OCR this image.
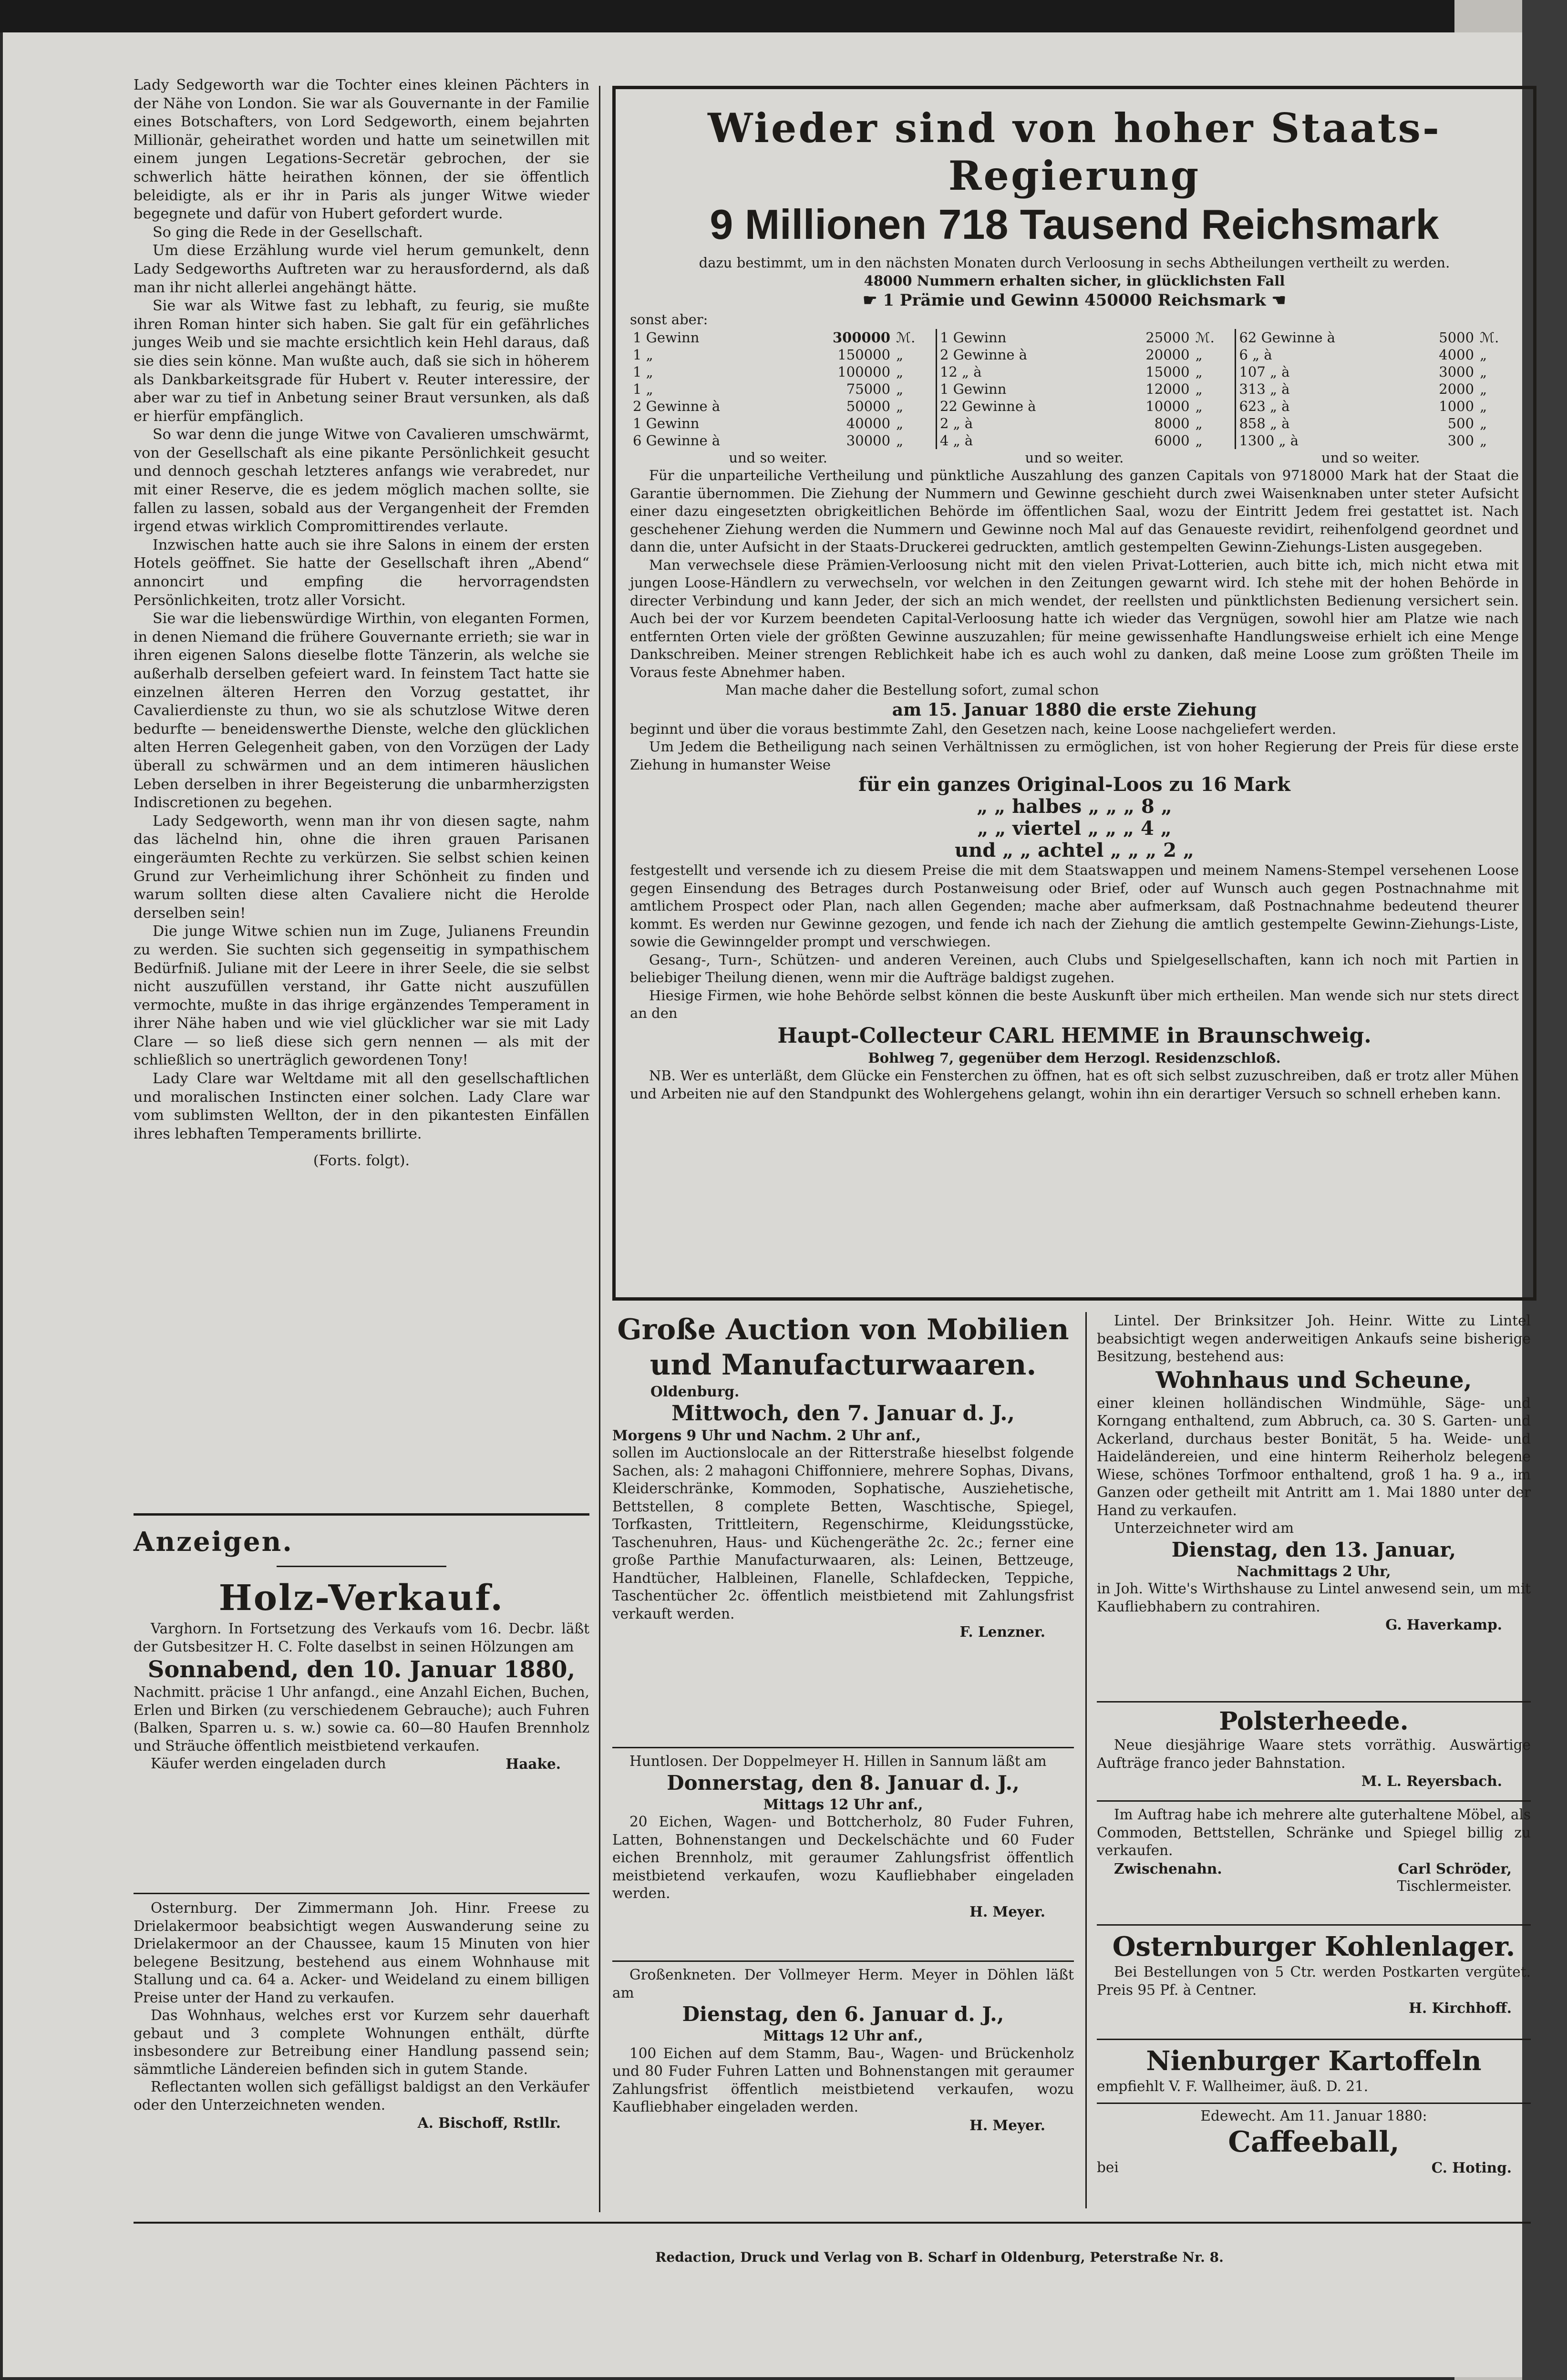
Lady Sedgeworth war die Tochter eines kleinen Pächters in der Nähe von London. Sie war als Gouvernante in der Familie eines Botschafters, von Lord Sedgeworth, einem bejahrten Millionär, geheirathet worden und hatte um seinetwillen mit einem jungen Legations-Secretär gebrochen, der sie schwerlich hätte heirathen können, der sie öffentlich beleidigte, als er ihr in Paris als junger Witwe wieder begegnete und dafür von Hubert gefordert wurde.

So ging die Rede in der Gesellschaft.

Um diese Erzählung wurde viel herum gemunkelt, denn Lady Sedgeworths Auftreten war zu herausfordernd, als daß man ihr nicht allerlei angehängt hätte.

Sie war als Witwe fast zu lebhaft, zu feurig, sie mußte ihren Roman hinter sich haben. Sie galt für ein gefährliches junges Weib und sie machte ersichtlich kein Hehl daraus, daß sie dies sein könne. Man wußte auch, daß sie sich in höherem als Dankbarkeitsgrade für Hubert v. Reuter interessire, der aber war zu tief in Anbetung seiner Braut versunken, als daß er hierfür empfänglich.

So war denn die junge Witwe von Cavalieren umschwärmt, von der Gesellschaft als eine pikante Persönlichkeit gesucht und dennoch geschah letzteres anfangs wie verabredet, nur mit einer Reserve, die es jedem möglich machen sollte, sie fallen zu lassen, sobald aus der Vergangenheit der Fremden irgend etwas wirklich Compromittirendes verlaute.

Inzwischen hatte auch sie ihre Salons in einem der ersten Hotels geöffnet. Sie hatte der Gesellschaft ihren „Abend“ annoncirt und empfing die hervorragendsten Persönlichkeiten, trotz aller Vorsicht.

Sie war die liebenswürdige Wirthin, von eleganten Formen, in denen Niemand die frühere Gouvernante errieth; sie war in ihren eigenen Salons dieselbe flotte Tänzerin, als welche sie außerhalb derselben gefeiert ward. In feinstem Tact hatte sie einzelnen älteren Herren den Vorzug gestattet, ihr Cavalierdienste zu thun, wo sie als schutzlose Witwe deren bedurfte — beneidenswerthe Dienste, welche den glücklichen alten Herren Gelegenheit gaben, von den Vorzügen der Lady überall zu schwärmen und an dem intimeren häuslichen Leben derselben in ihrer Begeisterung die unbarmherzigsten Indiscretionen zu begehen.

Lady Sedgeworth, wenn man ihr von diesen sagte, nahm das lächelnd hin, ohne die ihren grauen Parisanen eingeräumten Rechte zu verkürzen. Sie selbst schien keinen Grund zur Verheimlichung ihrer Schönheit zu finden und warum sollten diese alten Cavaliere nicht die Herolde derselben sein!

Die junge Witwe schien nun im Zuge, Julianens Freundin zu werden. Sie suchten sich gegenseitig in sympathischem Bedürfniß. Juliane mit der Leere in ihrer Seele, die sie selbst nicht auszufüllen verstand, ihr Gatte nicht auszufüllen vermochte, mußte in das ihrige ergänzendes Temperament in ihrer Nähe haben und wie viel glücklicher war sie mit Lady Clare — so ließ diese sich gern nennen — als mit der schließlich so unerträglich gewordenen Tony!

Lady Clare war Weltdame mit all den gesellschaftlichen und moralischen Instincten einer solchen. Lady Clare war vom sublimsten Wellton, der in den pikantesten Einfällen ihres lebhaften Temperaments brillirte.

(Forts. folgt).
Anzeigen.
Holz-Verkauf.

Varghorn. In Fortsetzung des Verkaufs vom 16. Decbr. läßt der Gutsbesitzer H. C. Folte daselbst in seinen Hölzungen am

Sonnabend, den 10. Januar 1880,

Nachmitt. präcise 1 Uhr anfangd., eine Anzahl Eichen, Buchen, Erlen und Birken (zu verschiedenem Gebrauche); auch Fuhren (Balken, Sparren u. s. w.) sowie ca. 60—80 Haufen Brennholz und Sträuche öffentlich meistbietend verkaufen.

Käufer werden eingeladen durch	Haake.

Osternburg. Der Zimmermann Joh. Hinr. Freese zu Drielakermoor beabsichtigt wegen Auswanderung seine zu Drielakermoor an der Chaussee, kaum 15 Minuten von hier belegene Besitzung, bestehend aus einem Wohnhause mit Stallung und ca. 64 a. Acker- und Weideland zu einem billigen Preise unter der Hand zu verkaufen.

Das Wohnhaus, welches erst vor Kurzem sehr dauerhaft gebaut und 3 complete Wohnungen enthält, dürfte insbesondere zur Betreibung einer Handlung passend sein; sämmtliche Ländereien befinden sich in gutem Stande.

Reflectanten wollen sich gefälligst baldigst an den Verkäufer oder den Unterzeichneten wenden.

A. Bischoff, Rstllr.
Wieder sind von hoher Staats-Regierung
9 Millionen 718 Tausend Reichsmark
dazu bestimmt, um in den nächsten Monaten durch Verloosung in sechs Abtheilungen vertheilt zu werden.
48000 Nummern erhalten sicher, in glücklichsten Fall
☛ 1 Prämie und Gewinn 450000 Reichsmark ☚
sonst aber:
1 Gewinn	300000	ℳ.	1 Gewinn	25000	ℳ.	62 Gewinne à	5000	ℳ.
1 „	150000	„	2 Gewinne à	20000	„	6 „ à	4000	„
1 „	100000	„	12 „ à	15000	„	107 „ à	3000	„
1 „	75000	„	1 Gewinn	12000	„	313 „ à	2000	„
2 Gewinne à	50000	„	22 Gewinne à	10000	„	623 „ à	1000	„
1 Gewinn	40000	„	2 „ à	8000	„	858 „ à	500	„
6 Gewinne à	30000	„	4 „ à	6000	„	1300 „ à	300	„
und so weiter.	und so weiter.	und so weiter.
Für die unparteiliche Vertheilung und pünktliche Auszahlung des ganzen Capitals von 9718000 Mark hat der Staat die Garantie übernommen. Die Ziehung der Nummern und Gewinne geschieht durch zwei Waisenknaben unter steter Aufsicht einer dazu eingesetzten obrigkeitlichen Behörde im öffentlichen Saal, wozu der Eintritt Jedem frei gestattet ist. Nach geschehener Ziehung werden die Nummern und Gewinne noch Mal auf das Genaueste revidirt, reihenfolgend geordnet und dann die, unter Aufsicht in der Staats-Druckerei gedruckten, amtlich gestempelten Gewinn-Ziehungs-Listen ausgegeben.
Man verwechsele diese Prämien-Verloosung nicht mit den vielen Privat-Lotterien, auch bitte ich, mich nicht etwa mit jungen Loose-Händlern zu verwechseln, vor welchen in den Zeitungen gewarnt wird. Ich stehe mit der hohen Behörde in directer Verbindung und kann Jeder, der sich an mich wendet, der reellsten und pünktlichsten Bedienung versichert sein. Auch bei der vor Kurzem beendeten Capital-Verloosung hatte ich wieder das Vergnügen, sowohl hier am Platze wie nach entfernten Orten viele der größten Gewinne auszuzahlen; für meine gewissenhafte Handlungsweise erhielt ich eine Menge Dankschreiben. Meiner strengen Reblichkeit habe ich es auch wohl zu danken, daß meine Loose zum größten Theile im Voraus feste Abnehmer haben.
Man mache daher die Bestellung sofort, zumal schon
am 15. Januar 1880 die erste Ziehung
beginnt und über die voraus bestimmte Zahl, den Gesetzen nach, keine Loose nachgeliefert werden.
Um Jedem die Betheiligung nach seinen Verhältnissen zu ermöglichen, ist von hoher Regierung der Preis für diese erste Ziehung in humanster Weise
für ein ganzes Original-Loos zu 16 Mark
„ „ halbes „ „ „ 8 „
„ „ viertel „ „ „ 4 „
und „ „ achtel „ „ „ 2 „
festgestellt und versende ich zu diesem Preise die mit dem Staatswappen und meinem Namens-Stempel versehenen Loose gegen Einsendung des Betrages durch Postanweisung oder Brief, oder auf Wunsch auch gegen Postnachnahme mit amtlichem Prospect oder Plan, nach allen Gegenden; mache aber aufmerksam, daß Postnachnahme bedeutend theurer kommt. Es werden nur Gewinne gezogen, und fende ich nach der Ziehung die amtlich gestempelte Gewinn-Ziehungs-Liste, sowie die Gewinngelder prompt und verschwiegen.
Gesang-, Turn-, Schützen- und anderen Vereinen, auch Clubs und Spielgesellschaften, kann ich noch mit Partien in beliebiger Theilung dienen, wenn mir die Aufträge baldigst zugehen.
Hiesige Firmen, wie hohe Behörde selbst können die beste Auskunft über mich ertheilen. Man wende sich nur stets direct an den
Haupt-Collecteur CARL HEMME in Braunschweig.
Bohlweg 7, gegenüber dem Herzogl. Residenzschloß.
NB. Wer es unterläßt, dem Glücke ein Fensterchen zu öffnen, hat es oft sich selbst zuzuschreiben, daß er trotz aller Mühen und Arbeiten nie auf den Standpunkt des Wohlergehens gelangt, wohin ihn ein derartiger Versuch so schnell erheben kann.
Große Auction von Mobilien und Manufacturwaaren.
Oldenburg.
Mittwoch, den 7. Januar d. J.,
Morgens 9 Uhr und Nachm. 2 Uhr anf.,

sollen im Auctionslocale an der Ritterstraße hieselbst folgende Sachen, als: 2 mahagoni Chiffonniere, mehrere Sophas, Divans, Kleiderschränke, Kommoden, Sophatische, Ausziehetische, Bettstellen, 8 complete Betten, Waschtische, Spiegel, Torfkasten, Trittleitern, Regenschirme, Kleidungsstücke, Taschenuhren, Haus- und Küchengeräthe 2c. 2c.; ferner eine große Parthie Manufacturwaaren, als: Leinen, Bettzeuge, Handtücher, Halbleinen, Flanelle, Schlafdecken, Teppiche, Taschentücher 2c. öffentlich meistbietend mit Zahlungsfrist verkauft werden.

F. Lenzner.

Huntlosen. Der Doppelmeyer H. Hillen in Sannum läßt am

Donnerstag, den 8. Januar d. J.,
Mittags 12 Uhr anf.,

20 Eichen, Wagen- und Bottcherholz, 80 Fuder Fuhren, Latten, Bohnenstangen und Deckelschächte und 60 Fuder eichen Brennholz, mit geraumer Zahlungsfrist öffentlich meistbietend verkaufen, wozu Kaufliebhaber eingeladen werden.

H. Meyer.

Großenkneten. Der Vollmeyer Herm. Meyer in Döhlen läßt am

Dienstag, den 6. Januar d. J.,
Mittags 12 Uhr anf.,

100 Eichen auf dem Stamm, Bau-, Wagen- und Brückenholz und 80 Fuder Fuhren Latten und Bohnenstangen mit geraumer Zahlungsfrist öffentlich meistbietend verkaufen, wozu Kaufliebhaber eingeladen werden.

H. Meyer.

Lintel. Der Brinksitzer Joh. Heinr. Witte zu Lintel beabsichtigt wegen anderweitigen Ankaufs seine bisherige Besitzung, bestehend aus:

Wohnhaus und Scheune,

einer kleinen holländischen Windmühle, Säge- und Korngang enthaltend, zum Abbruch, ca. 30 S. Garten- und Ackerland, durchaus bester Bonität, 5 ha. Weide- und Haideländereien, und eine hinterm Reiherholz belegene Wiese, schönes Torfmoor enthaltend, groß 1 ha. 9 a., im Ganzen oder getheilt mit Antritt am 1. Mai 1880 unter der Hand zu verkaufen.

Unterzeichneter wird am

Dienstag, den 13. Januar,
Nachmittags 2 Uhr,

in Joh. Witte's Wirthshause zu Lintel anwesend sein, um mit Kaufliebhabern zu contrahiren.

G. Haverkamp.
Polsterheede.

Neue diesjährige Waare stets vorräthig. Auswärtige Aufträge franco jeder Bahnstation.

M. L. Reyersbach.

Im Auftrag habe ich mehrere alte guterhaltene Möbel, als Commoden, Bettstellen, Schränke und Spiegel billig zu verkaufen.

Zwischenahn.	Carl Schröder,
Tischlermeister.
Osternburger Kohlenlager.

Bei Bestellungen von 5 Ctr. werden Postkarten vergütet. Preis 95 Pf. à Centner.

H. Kirchhoff.
Nienburger Kartoffeln
empfiehlt V. F. Wallheimer, äuß. D. 21.
Edewecht. Am 11. Januar 1880:
Caffeeball,
bei	C. Hoting.
Redaction, Druck und Verlag von B. Scharf in Oldenburg, Peterstraße Nr. 8.
